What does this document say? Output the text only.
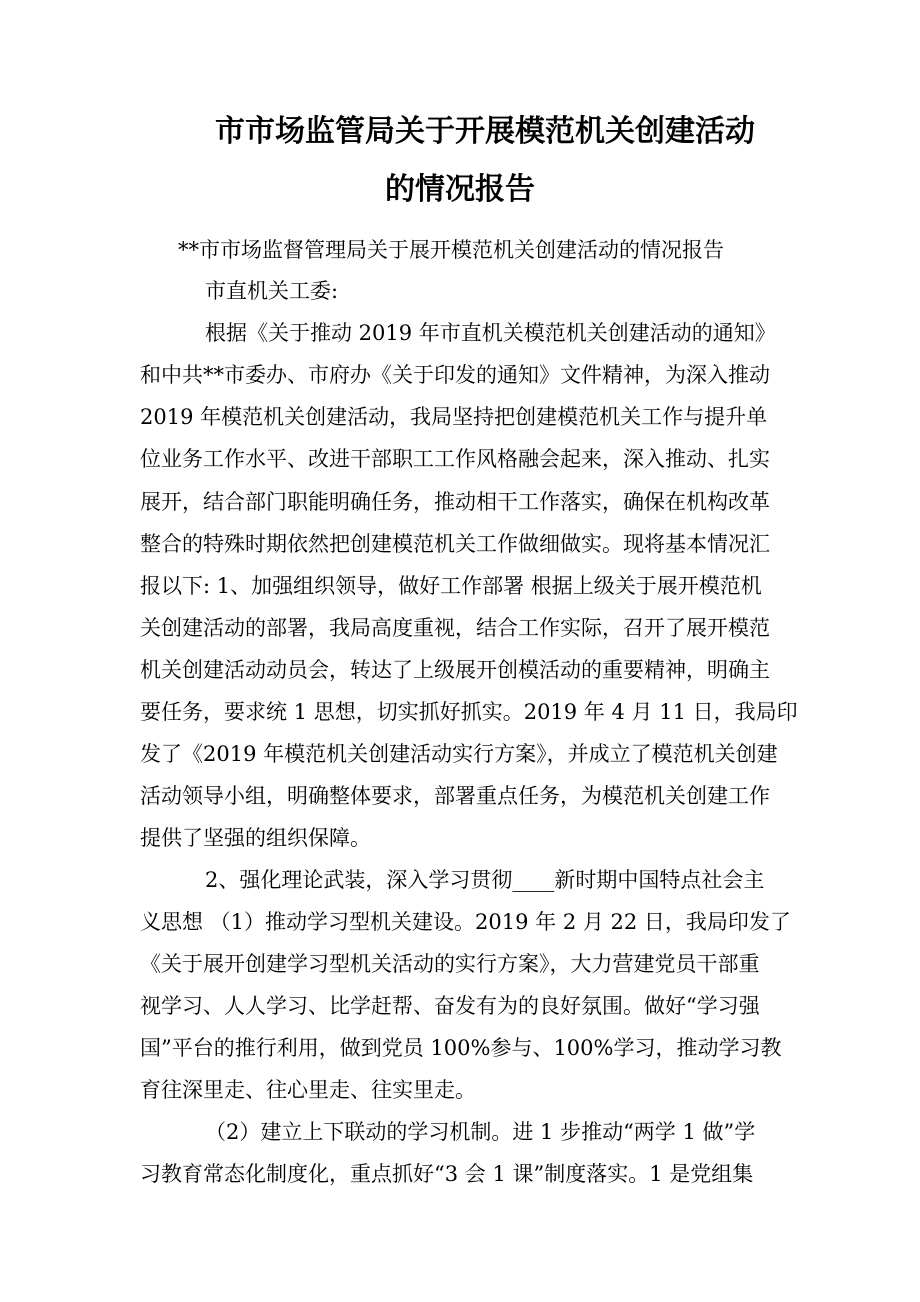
市市场监管局关于开展模范机关创建活动
的情况报告
**市市场监督管理局关于展开模范机关创建活动的情况报告
市直机关工委:
根据《关于推动 2019 年市直机关模范机关创建活动的通知》
和中共**市委办、市府办《关于印发的通知》文件精神，为深入推动
2019 年模范机关创建活动，我局坚持把创建模范机关工作与提升单
位业务工作水平、改进干部职工工作风格融会起来，深入推动、扎实
展开，结合部门职能明确任务，推动相干工作落实，确保在机构改革
整合的特殊时期依然把创建模范机关工作做细做实。现将基本情况汇
报以下: 1、加强组织领导，做好工作部署 根据上级关于展开模范机
关创建活动的部署，我局高度重视，结合工作实际，召开了展开模范
机关创建活动动员会，转达了上级展开创模活动的重要精神，明确主
要任务，要求统 1 思想，切实抓好抓实。2019 年 4 月 11 日，我局印
发了《2019 年模范机关创建活动实行方案》，并成立了模范机关创建
活动领导小组，明确整体要求，部署重点任务，为模范机关创建工作
提供了坚强的组织保障。
2、强化理论武装，深入学习贯彻____新时期中国特点社会主
义思想 （1）推动学习型机关建设。2019 年 2 月 22 日，我局印发了
《关于展开创建学习型机关活动的实行方案》，大力营建党员干部重
视学习、人人学习、比学赶帮、奋发有为的良好氛围。做好“学习强
国”平台的推行利用，做到党员 100%参与、100%学习，推动学习教
育往深里走、往心里走、往实里走。
（2）建立上下联动的学习机制。进 1 步推动“两学 1 做”学
习教育常态化制度化，重点抓好“3 会 1 课”制度落实。1 是党组集
